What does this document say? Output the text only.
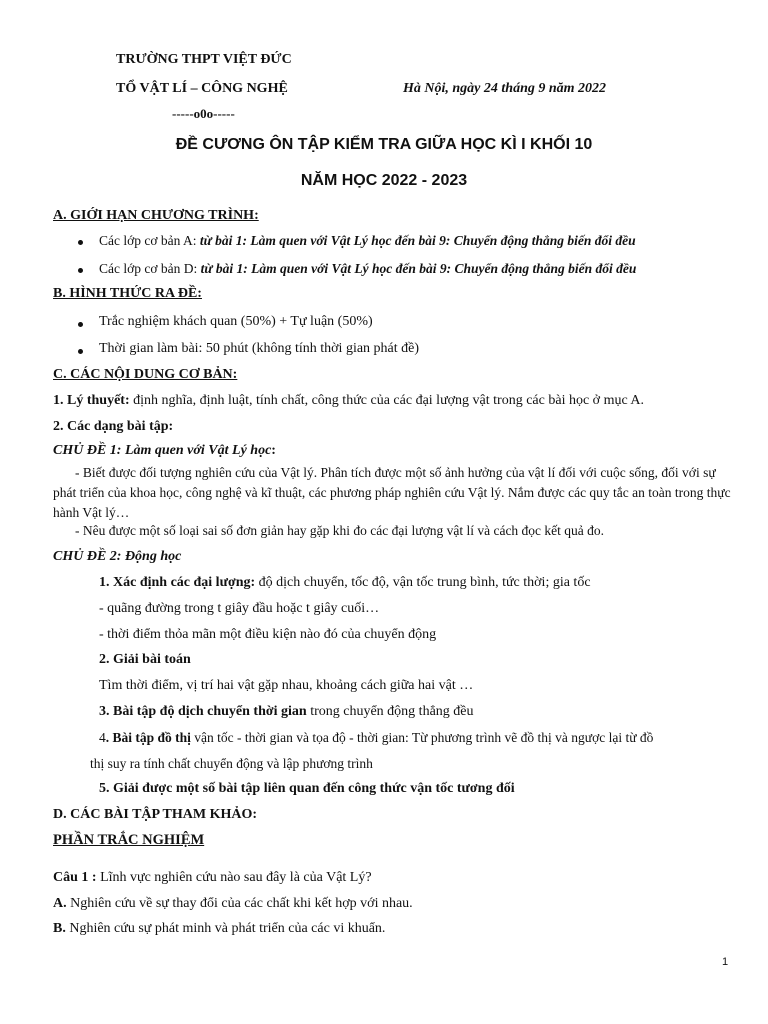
TRƯỜNG THPT VIỆT ĐỨC
TỔ VẬT LÍ – CÔNG NGHỆ	Hà Nội, ngày 24 tháng 9 năm 2022
-----o0o-----
ĐỀ CƯƠNG ÔN TẬP KIỂM TRA GIỮA HỌC KÌ I KHỐI 10
NĂM HỌC 2022 - 2023
A. GIỚI HẠN CHƯƠNG TRÌNH:
Các lớp cơ bản A: từ bài 1: Làm quen với Vật Lý học đến bài 9: Chuyển động thẳng biến đổi đều
Các lớp cơ bản D: từ bài 1: Làm quen với Vật Lý học đến bài 9: Chuyển động thẳng biến đổi đều
B. HÌNH THỨC RA ĐỀ:
Trắc nghiệm khách quan (50%) + Tự luận (50%)
Thời gian làm bài: 50 phút (không tính thời gian phát đề)
C. CÁC NỘI DUNG CƠ BẢN:
1. Lý thuyết: định nghĩa, định luật, tính chất, công thức của các đại lượng vật trong các bài học ở mục A.
2. Các dạng bài tập:
CHỦ ĐỀ 1: Làm quen với Vật Lý học:
- Biết được đối tượng nghiên cứu của Vật lý. Phân tích được một số ảnh hưởng của vật lí đối với cuộc sống, đối với sự phát triển của khoa học, công nghệ và kĩ thuật, các phương pháp nghiên cứu Vật lý. Nắm được các quy tắc an toàn trong thực hành Vật lý…
- Nêu được một số loại sai số đơn giản hay gặp khi đo các đại lượng vật lí và cách đọc kết quả đo.
CHỦ ĐỀ 2: Động học
1. Xác định các đại lượng: độ dịch chuyển, tốc độ, vận tốc trung bình, tức thời; gia tốc
- quãng đường trong t giây đầu hoặc t giây cuối…
- thời điểm thỏa mãn một điều kiện nào đó của chuyển động
2. Giải bài toán
Tìm thời điểm, vị trí hai vật gặp nhau, khoảng cách giữa hai vật …
3. Bài tập độ dịch chuyển thời gian trong chuyển động thẳng đều
4. Bài tập đồ thị vận tốc - thời gian và tọa độ - thời gian: Từ phương trình vẽ đồ thị và ngược lại từ đồ
thị suy ra tính chất chuyển động và lập phương trình
5. Giải được một số bài tập liên quan đến công thức vận tốc tương đối
D. CÁC BÀI TẬP THAM KHẢO:
PHẦN TRẮC NGHIỆM
Câu 1 : Lĩnh vực nghiên cứu nào sau đây là của Vật Lý?
A. Nghiên cứu về sự thay đổi của các chất khi kết hợp với nhau.
B. Nghiên cứu sự phát minh và phát triển của các vi khuẩn.
1
